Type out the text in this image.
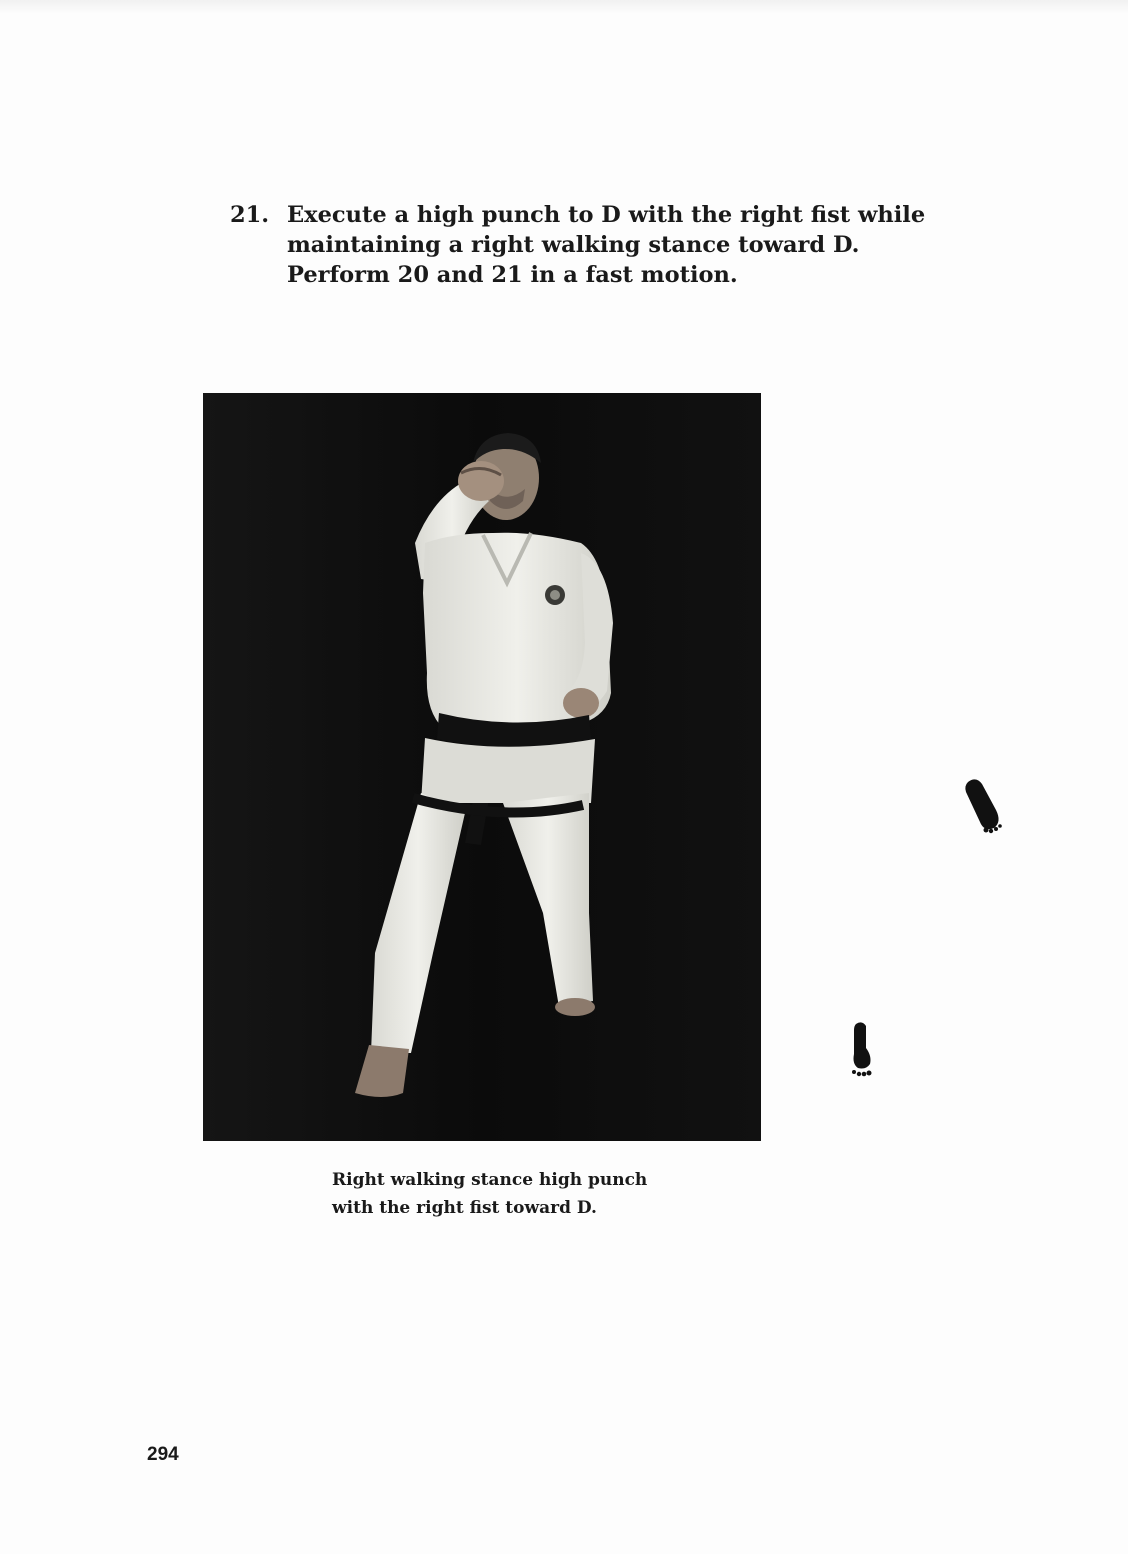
21. Execute a high punch to D with the right fist while
maintaining a right walking stance toward D.
Perform 20 and 21 in a fast motion.
Right walking stance high punch
with the right fist toward D.
294
